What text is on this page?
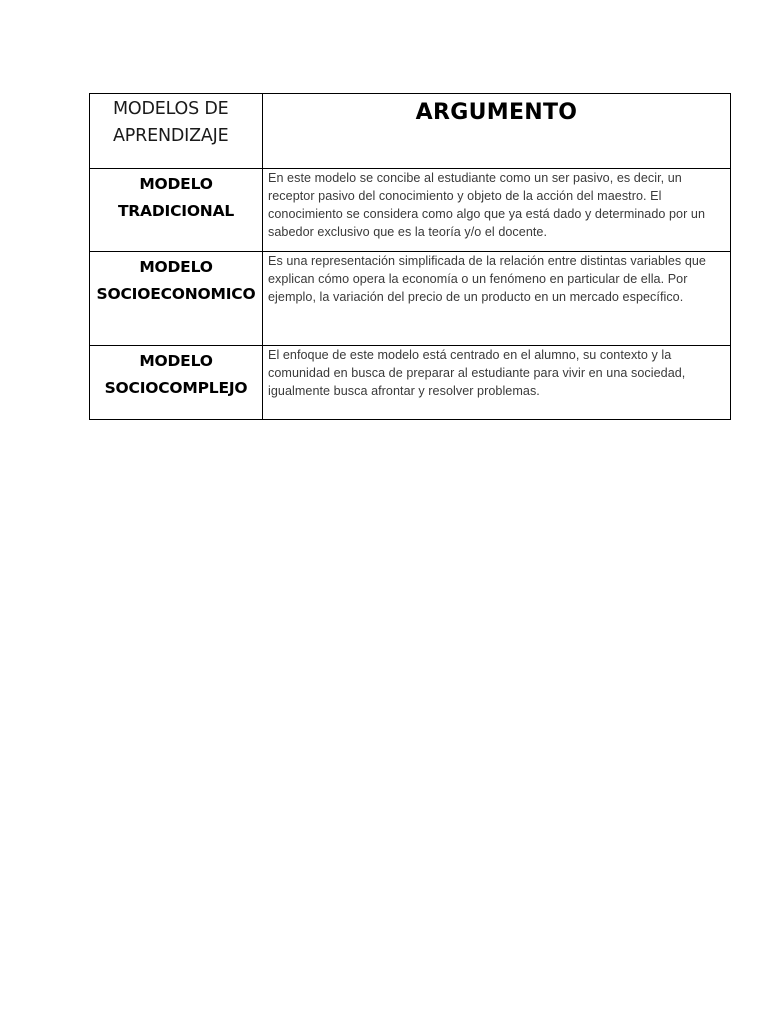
MODELOS DE APRENDIZAJE	ARGUMENTO
MODELO TRADICIONAL	En este modelo se concibe al estudiante como un ser pasivo, es decir, un receptor pasivo del conocimiento y objeto de la acción del maestro. El conocimiento se considera como algo que ya está dado y determinado por un sabedor exclusivo que es la teoría y/o el docente.
MODELO SOCIOECONOMICO	Es una representación simplificada de la relación entre distintas variables que explican cómo opera la economía o un fenómeno en particular de ella. Por ejemplo, la variación del precio de un producto en un mercado específico.
MODELO SOCIOCOMPLEJO	El enfoque de este modelo está centrado en el alumno, su contexto y la comunidad en busca de preparar al estudiante para vivir en una sociedad, igualmente busca afrontar y resolver problemas.
